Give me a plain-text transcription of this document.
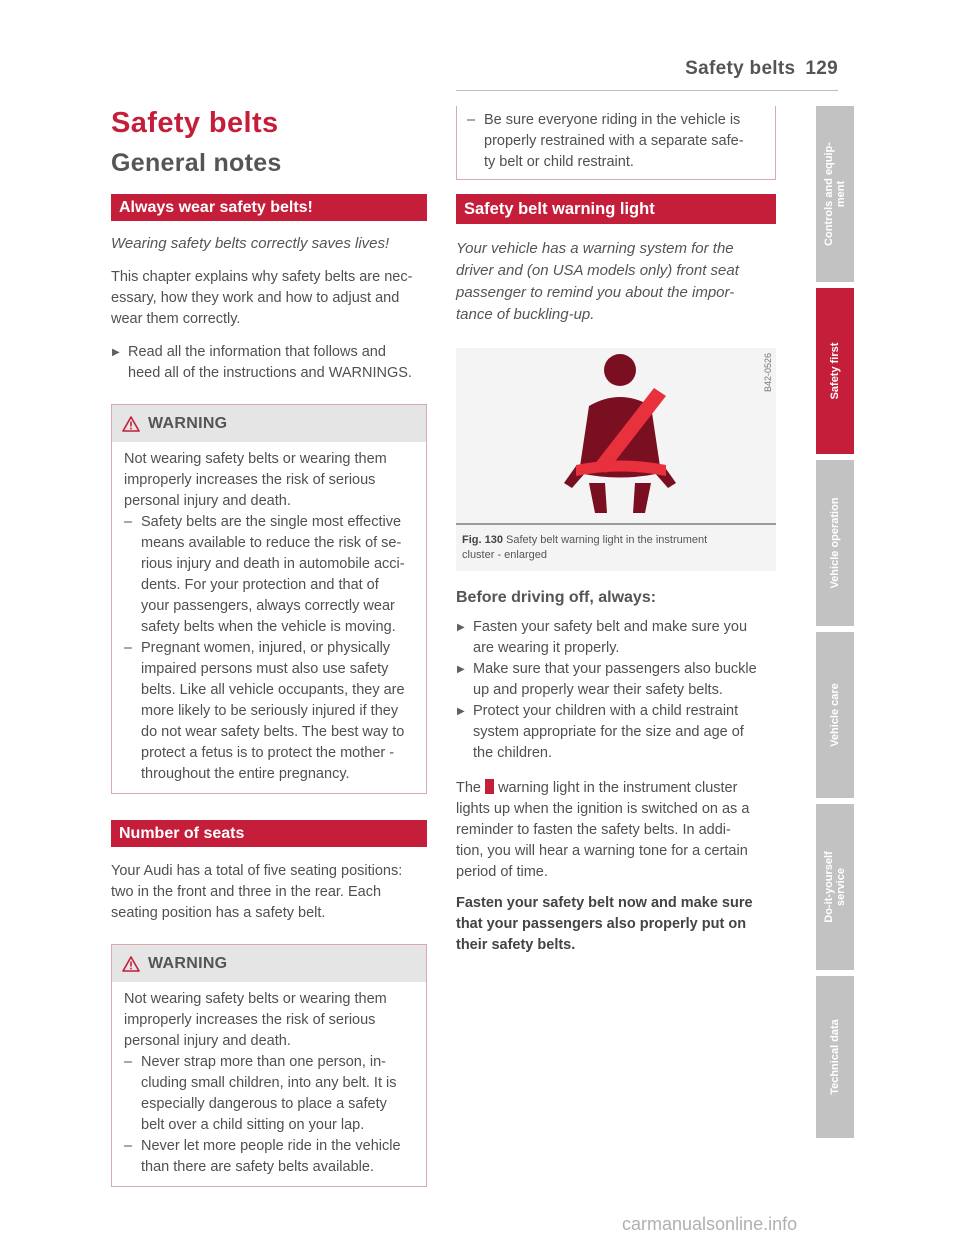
Safety belts 129
Safety belts
General notes
Always wear safety belts!
Wearing safety belts correctly saves lives!
This chapter explains why safety belts are nec-
essary, how they work and how to adjust and
wear them correctly.
▶ Read all the information that follows and
heed all of the instructions and WARNINGS.
WARNING
Not wearing safety belts or wearing them
improperly increases the risk of serious
personal injury and death.
– Safety belts are the single most effective
means available to reduce the risk of se-
rious injury and death in automobile acci-
dents. For your protection and that of
your passengers, always correctly wear
safety belts when the vehicle is moving.
– Pregnant women, injured, or physically
impaired persons must also use safety
belts. Like all vehicle occupants, they are
more likely to be seriously injured if they
do not wear safety belts. The best way to
protect a fetus is to protect the mother -
throughout the entire pregnancy.
Number of seats
Your Audi has a total of five seating positions:
two in the front and three in the rear. Each
seating position has a safety belt.
WARNING
Not wearing safety belts or wearing them
improperly increases the risk of serious
personal injury and death.
– Never strap more than one person, in-
cluding small children, into any belt. It is
especially dangerous to place a safety
belt over a child sitting on your lap.
– Never let more people ride in the vehicle
than there are safety belts available.
– Be sure everyone riding in the vehicle is
properly restrained with a separate safe-
ty belt or child restraint.
Safety belt warning light
Your vehicle has a warning system for the
driver and (on USA models only) front seat
passenger to remind you about the impor-
tance of buckling-up.
B42-0526
Fig. 130 Safety belt warning light in the instrument
cluster - enlarged
Before driving off, always:
▶ Fasten your safety belt and make sure you
are wearing it properly.
▶ Make sure that your passengers also buckle
up and properly wear their safety belts.
▶ Protect your children with a child restraint
system appropriate for the size and age of
the children.
The warning light in the instrument cluster
lights up when the ignition is switched on as a
reminder to fasten the safety belts. In addi-
tion, you will hear a warning tone for a certain
period of time.
Fasten your safety belt now and make sure
that your passengers also properly put on
their safety belts.
Controls and equip-
ment
Safety first
Vehicle operation
Vehicle care
Do-it-yourself
service
Technical data
carmanualsonline.info
